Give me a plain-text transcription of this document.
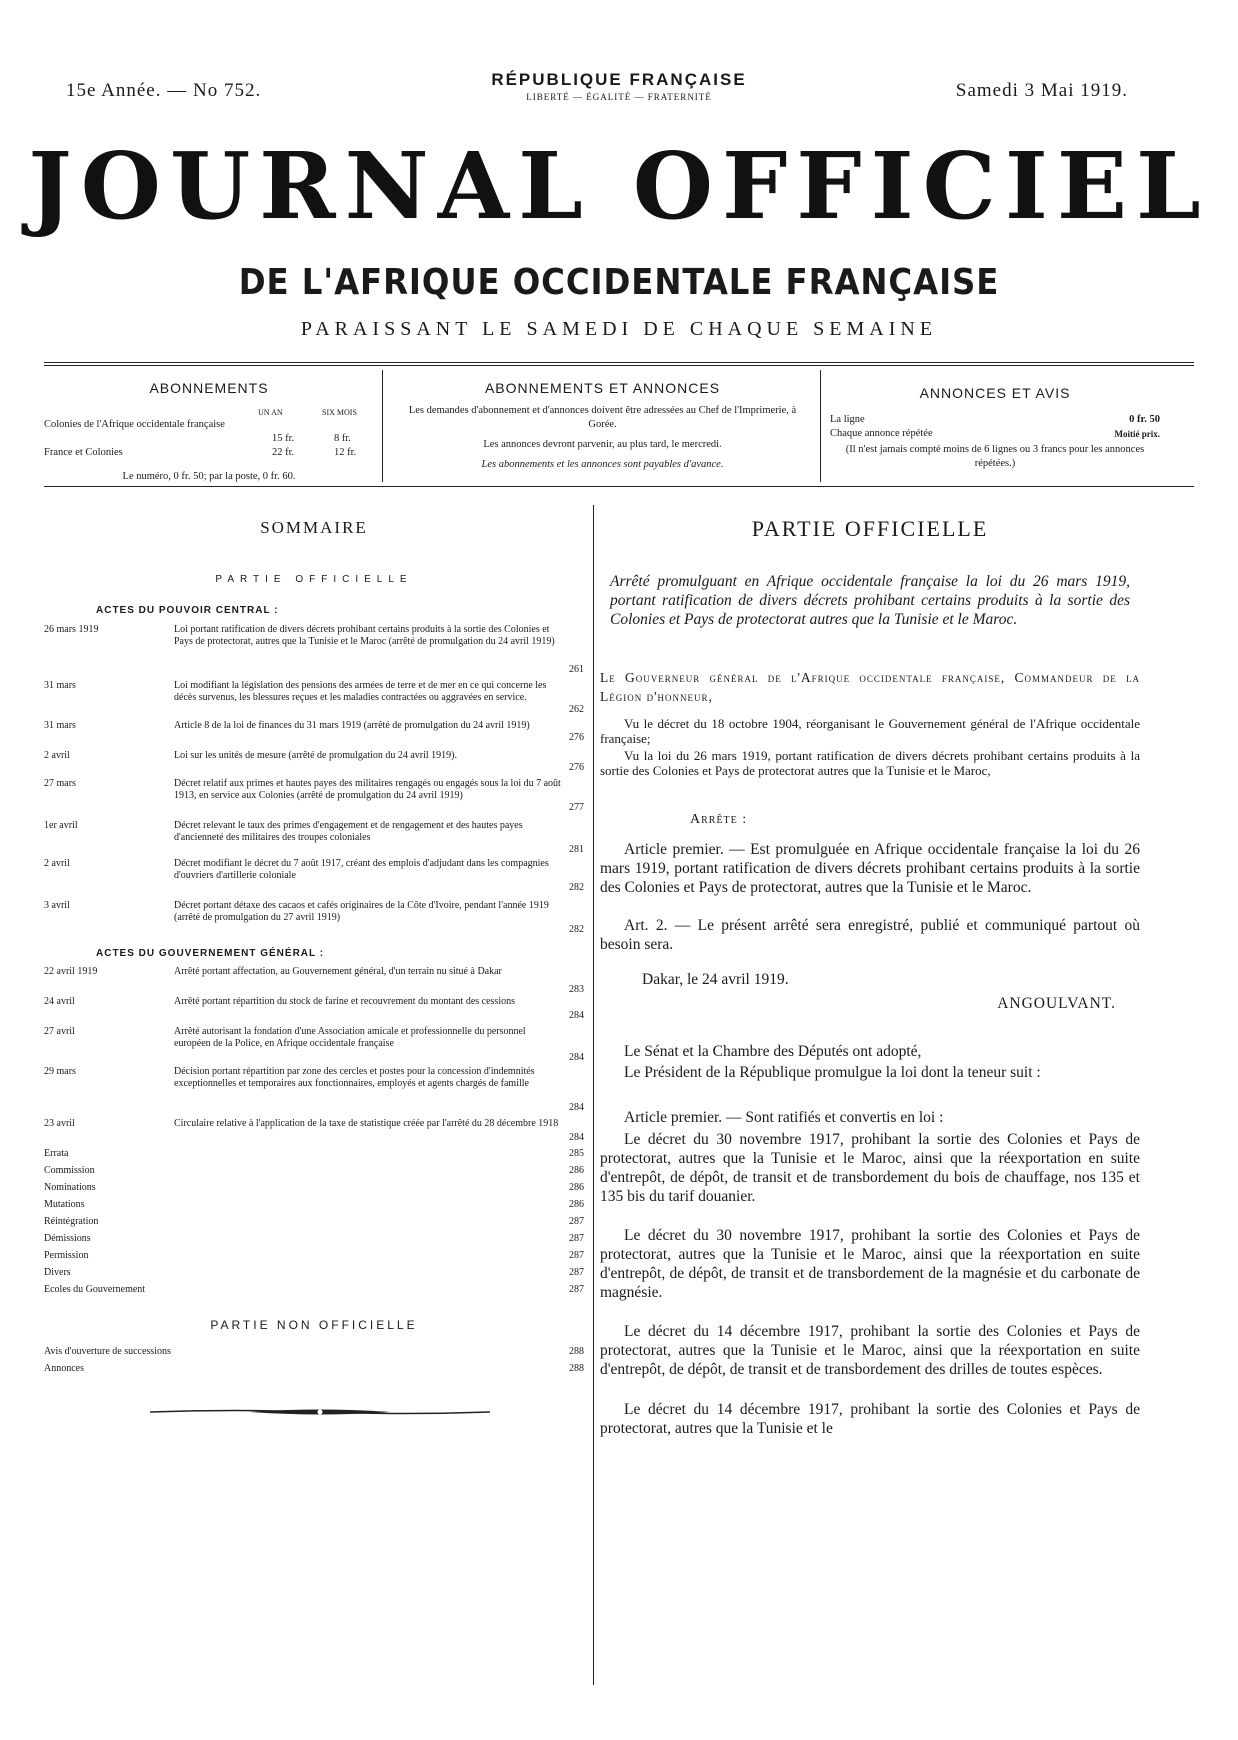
15e Année. — No 752.
RÉPUBLIQUE FRANÇAISE
LIBERTÉ — ÉGALITÉ — FRATERNITÉ	Samedi 3 Mai 1919.
JOURNAL OFFICIEL
DE L'AFRIQUE OCCIDENTALE FRANÇAISE
PARAISSANT LE SAMEDI DE CHAQUE SEMAINE
ABONNEMENTS
UN AN	SIX MOIS
Colonies de l'Afrique occidentale française
15 fr.	8 fr.
France et Colonies	22 fr.	12 fr.
Le numéro, 0 fr. 50; par la poste, 0 fr. 60.
ABONNEMENTS ET ANNONCES
Les demandes d'abonnement et d'annonces doivent être adressées au Chef de l'Imprimerie, à Gorée.
Les annonces devront parvenir, au plus tard, le mercredi.
Les abonnements et les annonces sont payables d'avance.
ANNONCES ET AVIS
La ligne	0 fr. 50
Chaque annonce répétée	Moitié prix.
(Il n'est jamais compté moins de 6 lignes ou 3 francs pour les annonces répétées.)
SOMMAIRE
PARTIE OFFICIELLE
ACTES DU POUVOIR CENTRAL :
26 mars 1919	Loi portant ratification de divers décrets prohibant certains produits à la sortie des Colonies et Pays de protectorat, autres que la Tunisie et le Maroc (arrêté de promulgation du 24 avril 1919)
261
31 mars	Loi modifiant la législation des pensions des armées de terre et de mer en ce qui concerne les décès survenus, les blessures reçues et les maladies contractées ou aggravées en service.
262
31 mars	Article 8 de la loi de finances du 31 mars 1919 (arrêté de promulgation du 24 avril 1919)
276
2 avril	Loi sur les unités de mesure (arrêté de promulgation du 24 avril 1919).
276
27 mars	Décret relatif aux primes et hautes payes des militaires rengagés ou engagés sous la loi du 7 août 1913, en service aux Colonies (arrêté de promulgation du 24 avril 1919)
277
1er avril	Décret relevant le taux des primes d'engagement et de rengagement et des hautes payes d'ancienneté des militaires des troupes coloniales
281
2 avril	Décret modifiant le décret du 7 août 1917, créant des emplois d'adjudant dans les compagnies d'ouvriers d'artillerie coloniale
282
3 avril	Décret portant détaxe des cacaos et cafés originaires de la Côte d'Ivoire, pendant l'année 1919 (arrêté de promulgation du 27 avril 1919)
282
ACTES DU GOUVERNEMENT GÉNÉRAL :
22 avril 1919	Arrêté portant affectation, au Gouvernement général, d'un terrain nu situé à Dakar
283
24 avril	Arrêté portant répartition du stock de farine et recouvrement du montant des cessions
284
27 avril	Arrêté autorisant la fondation d'une Association amicale et professionnelle du personnel européen de la Police, en Afrique occidentale française
284
29 mars	Décision portant répartition par zone des cercles et postes pour la concession d'indemnités exceptionnelles et temporaires aux fonctionnaires, employés et agents chargés de famille
284
23 avril	Circulaire relative à l'application de la taxe de statistique créée par l'arrêté du 28 décembre 1918
284
Errata	285
Commission	286
Nominations	286
Mutations	286
Réintégration	287
Démissions	287
Permission	287
Divers	287
Ecoles du Gouvernement	287
PARTIE NON OFFICIELLE
Avis d'ouverture de successions	288
Annonces	288
PARTIE OFFICIELLE
Arrêté promulguant en Afrique occidentale française la loi du 26 mars 1919, portant ratification de divers décrets prohibant certains produits à la sortie des Colonies et Pays de protectorat autres que la Tunisie et le Maroc.
Le Gouverneur général de l'Afrique occidentale française, Commandeur de la Légion d'honneur,
Vu le décret du 18 octobre 1904, réorganisant le Gouvernement général de l'Afrique occidentale française;
Vu la loi du 26 mars 1919, portant ratification de divers décrets prohibant certains produits à la sortie des Colonies et Pays de protectorat autres que la Tunisie et le Maroc,
Arrête :
Article premier. — Est promulguée en Afrique occidentale française la loi du 26 mars 1919, portant ratification de divers décrets prohibant certains produits à la sortie des Colonies et Pays de protectorat, autres que la Tunisie et le Maroc.
Art. 2. — Le présent arrêté sera enregistré, publié et communiqué partout où besoin sera.
Dakar, le 24 avril 1919.
ANGOULVANT.
Le Sénat et la Chambre des Députés ont adopté,
Le Président de la République promulgue la loi dont la teneur suit :
Article premier. — Sont ratifiés et convertis en loi :
Le décret du 30 novembre 1917, prohibant la sortie des Colonies et Pays de protectorat, autres que la Tunisie et le Maroc, ainsi que la réexportation en suite d'entrepôt, de dépôt, de transit et de transbordement du bois de chauffage, nos 135 et 135 bis du tarif douanier.
Le décret du 30 novembre 1917, prohibant la sortie des Colonies et Pays de protectorat, autres que la Tunisie et le Maroc, ainsi que la réexportation en suite d'entrepôt, de dépôt, de transit et de transbordement de la magnésie et du carbonate de magnésie.
Le décret du 14 décembre 1917, prohibant la sortie des Colonies et Pays de protectorat, autres que la Tunisie et le Maroc, ainsi que la réexportation en suite d'entrepôt, de dépôt, de transit et de transbordement des drilles de toutes espèces.
Le décret du 14 décembre 1917, prohibant la sortie des Colonies et Pays de protectorat, autres que la Tunisie et le
